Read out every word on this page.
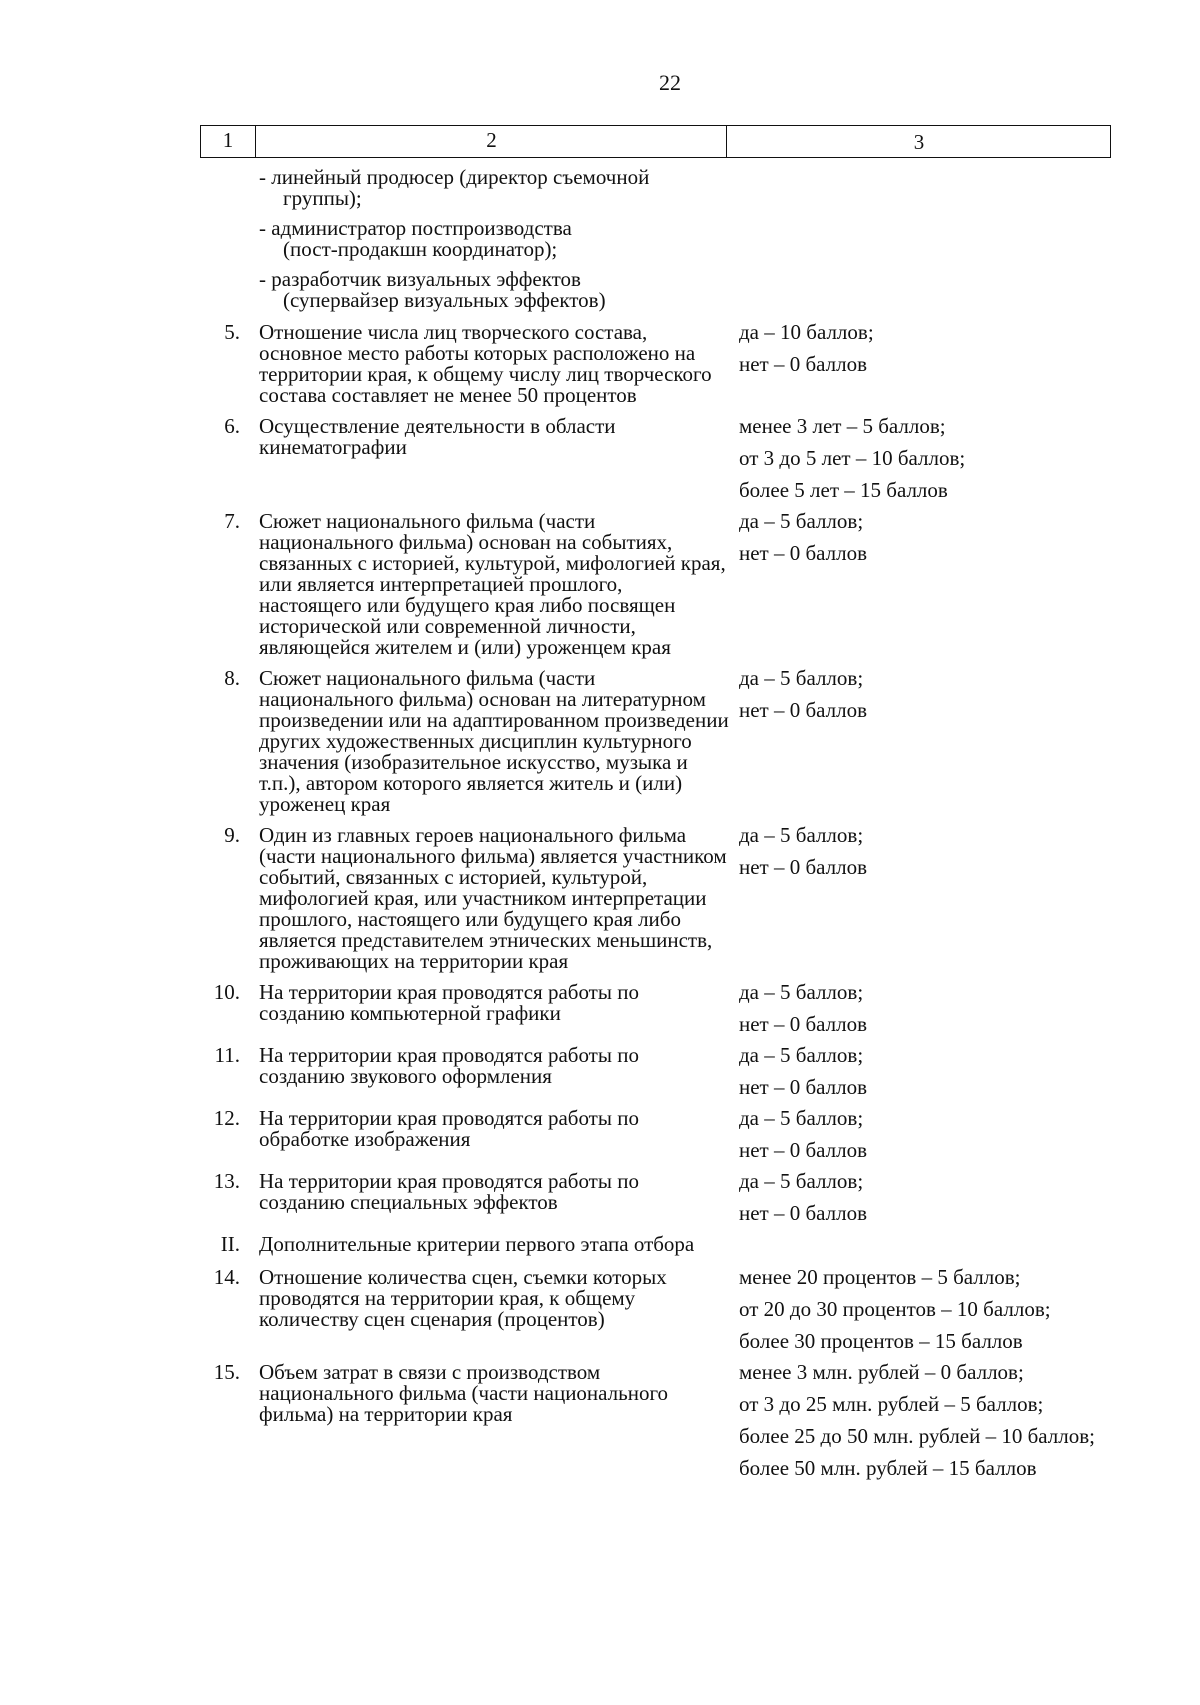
22
1	2	3
- линейный продюсер (директор съемочной
группы);
- администратор постпроизводства
(пост-продакшн координатор);
- разработчик визуальных эффектов
(супервайзер визуальных эффектов)
5. Отношение числа лиц творческого состава, основное место работы которых расположено на территории края, к общему числу лиц творческого состава составляет не менее 50 процентов
да – 10 баллов;
нет – 0 баллов
6. Осуществление деятельности в области кинематографии
менее 3 лет – 5 баллов;
от 3 до 5 лет – 10 баллов;
более 5 лет – 15 баллов
7. Сюжет национального фильма (части национального фильма) основан на событиях, связанных с историей, культурой, мифологией края, или является интерпретацией прошлого, настоящего или будущего края либо посвящен исторической или современной личности, являющейся жителем и (или) уроженцем края
да – 5 баллов;
нет – 0 баллов
8. Сюжет национального фильма (части национального фильма) основан на литературном произведении или на адаптированном произведении других художественных дисциплин культурного значения (изобразительное искусство, музыка и т.п.), автором которого является житель и (или) уроженец края
да – 5 баллов;
нет – 0 баллов
9. Один из главных героев национального фильма (части национального фильма) является участником событий, связанных с историей, культурой, мифологией края, или участником интерпретации прошлого, настоящего или будущего края либо является представителем этнических меньшинств, проживающих на территории края
да – 5 баллов;
нет – 0 баллов
10. На территории края проводятся работы по созданию компьютерной графики
да – 5 баллов;
нет – 0 баллов
11. На территории края проводятся работы по созданию звукового оформления
да – 5 баллов;
нет – 0 баллов
12. На территории края проводятся работы по обработке изображения
да – 5 баллов;
нет – 0 баллов
13. На территории края проводятся работы по созданию специальных эффектов
да – 5 баллов;
нет – 0 баллов
II. Дополнительные критерии первого этапа отбора
14. Отношение количества сцен, съемки которых проводятся на территории края, к общему количеству сцен сценария (процентов)
менее 20 процентов – 5 баллов;
от 20 до 30 процентов – 10 баллов;
более 30 процентов – 15 баллов
15. Объем затрат в связи с производством национального фильма (части национального фильма) на территории края
менее 3 млн. рублей – 0 баллов;
от 3 до 25 млн. рублей – 5 баллов;
более 25 до 50 млн. рублей – 10 баллов;
более 50 млн. рублей – 15 баллов
